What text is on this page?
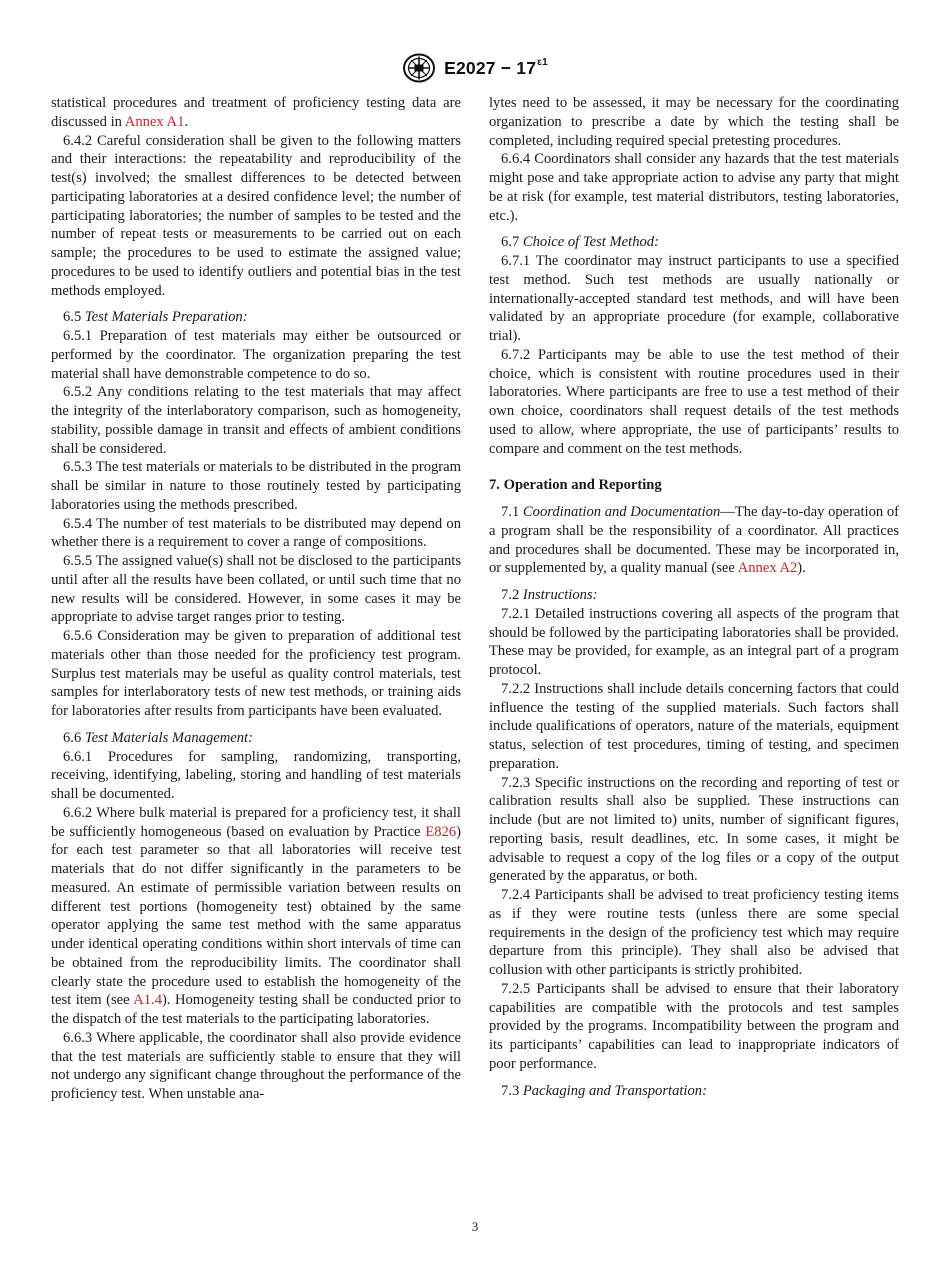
$E2027 - 17^{\varepsilon 1}$

statistical procedures and treatment of proficiency testing data are discussed in Annex A1.

6.4.2 Careful consideration shall be given to the following matters and their interactions: the repeatability and reproducibility of the test(s) involved; the smallest differences to be detected between participating laboratories at a desired confidence level; the number of participating laboratories; the number of samples to be tested and the number of repeat tests or measurements to be carried out on each sample; the procedures to be used to estimate the assigned value; procedures to be used to identify outliers and potential bias in the test methods employed.

6.5 Test Materials Preparation:

6.5.1 Preparation of test materials may either be outsourced or performed by the coordinator. The organization preparing the test material shall have demonstrable competence to do so.

6.5.2 Any conditions relating to the test materials that may affect the integrity of the interlaboratory comparison, such as homogeneity, stability, possible damage in transit and effects of ambient conditions shall be considered.

6.5.3 The test materials or materials to be distributed in the program shall be similar in nature to those routinely tested by participating laboratories using the methods prescribed.

6.5.4 The number of test materials to be distributed may depend on whether there is a requirement to cover a range of compositions.

6.5.5 The assigned value(s) shall not be disclosed to the participants until after all the results have been collated, or until such time that no new results will be considered. However, in some cases it may be appropriate to advise target ranges prior to testing.

6.5.6 Consideration may be given to preparation of additional test materials other than those needed for the proficiency test program. Surplus test materials may be useful as quality control materials, test samples for interlaboratory tests of new test methods, or training aids for laboratories after results from participants have been evaluated.

6.6 Test Materials Management:

6.6.1 Procedures for sampling, randomizing, transporting, receiving, identifying, labeling, storing and handling of test materials shall be documented.

6.6.2 Where bulk material is prepared for a proficiency test, it shall be sufficiently homogeneous (based on evaluation by Practice E826) for each test parameter so that all laboratories will receive test materials that do not differ significantly in the parameters to be measured. An estimate of permissible variation between results on different test portions (homogeneity test) obtained by the same operator applying the same test method with the same apparatus under identical operating conditions within short intervals of time can be obtained from the reproducibility limits. The coordinator shall clearly state the procedure used to establish the homogeneity of the test item (see A1.4). Homogeneity testing shall be conducted prior to the dispatch of the test materials to the participating laboratories.

6.6.3 Where applicable, the coordinator shall also provide evidence that the test materials are sufficiently stable to ensure that they will not undergo any significant change throughout the performance of the proficiency test. When unstable ana-

lytes need to be assessed, it may be necessary for the coordinating organization to prescribe a date by which the testing shall be completed, including required special pretesting procedures.

6.6.4 Coordinators shall consider any hazards that the test materials might pose and take appropriate action to advise any party that might be at risk (for example, test material distributors, testing laboratories, etc.).

6.7 Choice of Test Method:

6.7.1 The coordinator may instruct participants to use a specified test method. Such test methods are usually nationally or internationally-accepted standard test methods, and will have been validated by an appropriate procedure (for example, collaborative trial).

6.7.2 Participants may be able to use the test method of their choice, which is consistent with routine procedures used in their laboratories. Where participants are free to use a test method of their own choice, coordinators shall request details of the test methods used to allow, where appropriate, the use of participants’ results to compare and comment on the test methods.

7. Operation and Reporting

7.1 Coordination and Documentation—The day-to-day operation of a program shall be the responsibility of a coordinator. All practices and procedures shall be documented. These may be incorporated in, or supplemented by, a quality manual (see Annex A2).

7.2 Instructions:

7.2.1 Detailed instructions covering all aspects of the program that should be followed by the participating laboratories shall be provided. These may be provided, for example, as an integral part of a program protocol.

7.2.2 Instructions shall include details concerning factors that could influence the testing of the supplied materials. Such factors shall include qualifications of operators, nature of the materials, equipment status, selection of test procedures, timing of testing, and specimen preparation.

7.2.3 Specific instructions on the recording and reporting of test or calibration results shall also be supplied. These instructions can include (but are not limited to) units, number of significant figures, reporting basis, result deadlines, etc. In some cases, it might be advisable to request a copy of the log files or a copy of the output generated by the apparatus, or both.

7.2.4 Participants shall be advised to treat proficiency testing items as if they were routine tests (unless there are some special requirements in the design of the proficiency test which may require departure from this principle). They shall also be advised that collusion with other participants is strictly prohibited.

7.2.5 Participants shall be advised to ensure that their laboratory capabilities are compatible with the protocols and test samples provided by the programs. Incompatibility between the program and its participants’ capabilities can lead to inappropriate indicators of poor performance.

7.3 Packaging and Transportation:

3
